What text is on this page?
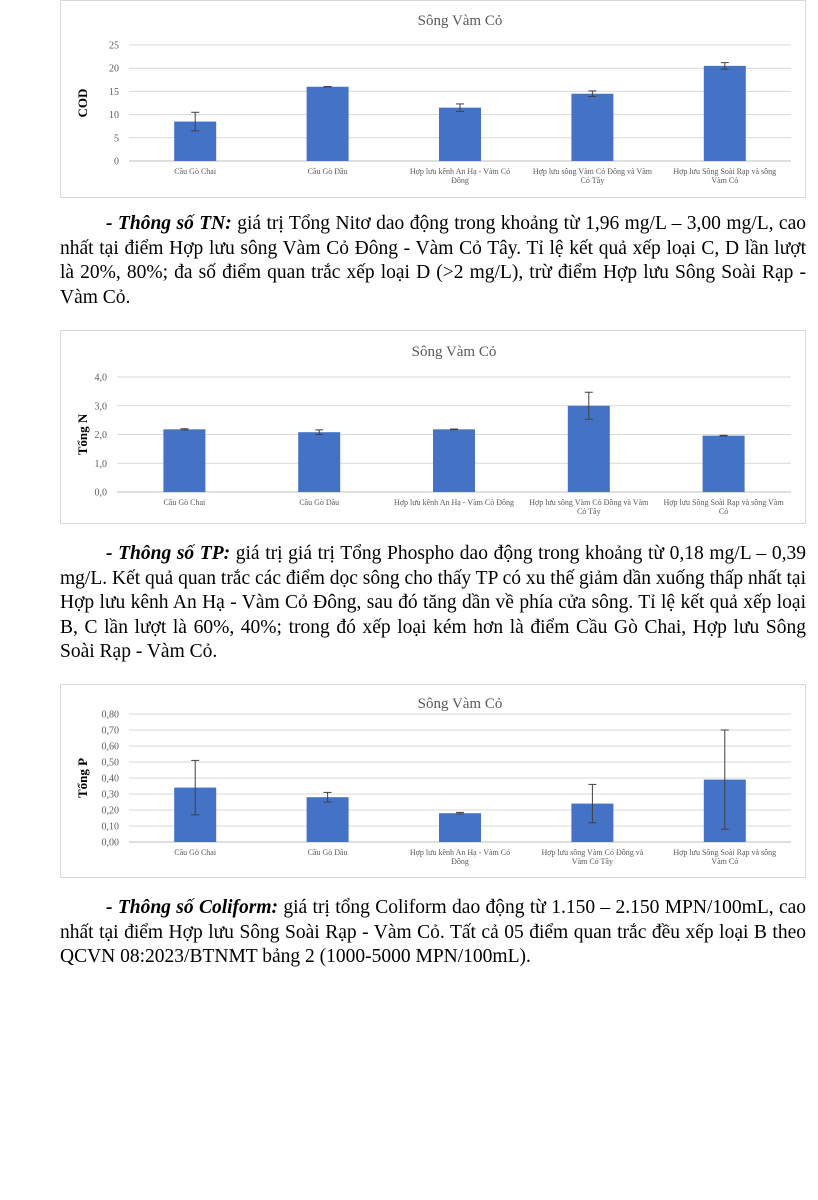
Sông Vàm Cỏ
0
5
10
15
20
25
COD
Cầu Gò Chai	Cầu Gò Dầu	Hợp lưu kênh An Hạ - Vàm Cỏ Đông
Hợp lưu sông Vàm Cỏ Đông và Vàm Cỏ Tây
Hợp lưu Sông Soài Rạp và sông Vàm Cỏ

- Thông số TN: giá trị Tổng Nitơ dao động trong khoảng từ 1,96 mg/L – 3,00 mg/L, cao nhất tại điểm Hợp lưu sông Vàm Cỏ Đông - Vàm Cỏ Tây. Tỉ lệ kết quả xếp loại C, D lần lượt là 20%, 80%; đa số điểm quan trắc xếp loại D (>2 mg/L), trừ điểm Hợp lưu Sông Soài Rạp - Vàm Cỏ.

Sông Vàm Cỏ
0,0
1,0
2,0
3,0
4,0
Tổng N
Cầu Gò Chai	Cầu Gò Dầu	Hợp lưu kênh An Hạ - Vàm Cỏ Đông Hợp lưu sông Vàm Cỏ Đông và Vàm Cỏ Tây
Hợp lưu Sông Soài Rạp và sông Vàm Cỏ

- Thông số TP: giá trị giá trị Tổng Phospho dao động trong khoảng từ 0,18 mg/L – 0,39 mg/L. Kết quả quan trắc các điểm dọc sông cho thấy TP có xu thế giảm dần xuống thấp nhất tại Hợp lưu kênh An Hạ - Vàm Cỏ Đông, sau đó tăng dần về phía cửa sông. Tỉ lệ kết quả xếp loại B, C lần lượt là 60%, 40%; trong đó xếp loại kém hơn là điểm Cầu Gò Chai, Hợp lưu Sông Soài Rạp - Vàm Cỏ.

Sông Vàm Cỏ
0,00
0,10
0,20
0,30
0,40
0,50
0,60
0,70
0,80
Tổng P
Cầu Gò Chai	Cầu Gò Dầu	Hợp lưu kênh An Hạ - Vàm Cỏ Đông
Hợp lưu sông Vàm Cỏ Đông và Vàm Cỏ Tây
Hợp lưu Sông Soài Rạp và sông Vàm Cỏ

- Thông số Coliform: giá trị tổng Coliform dao động từ 1.150 – 2.150 MPN/100mL, cao nhất tại điểm Hợp lưu Sông Soài Rạp - Vàm Cỏ. Tất cả 05 điểm quan trắc đều xếp loại B theo QCVN 08:2023/BTNMT bảng 2 (1000-5000 MPN/100mL).
